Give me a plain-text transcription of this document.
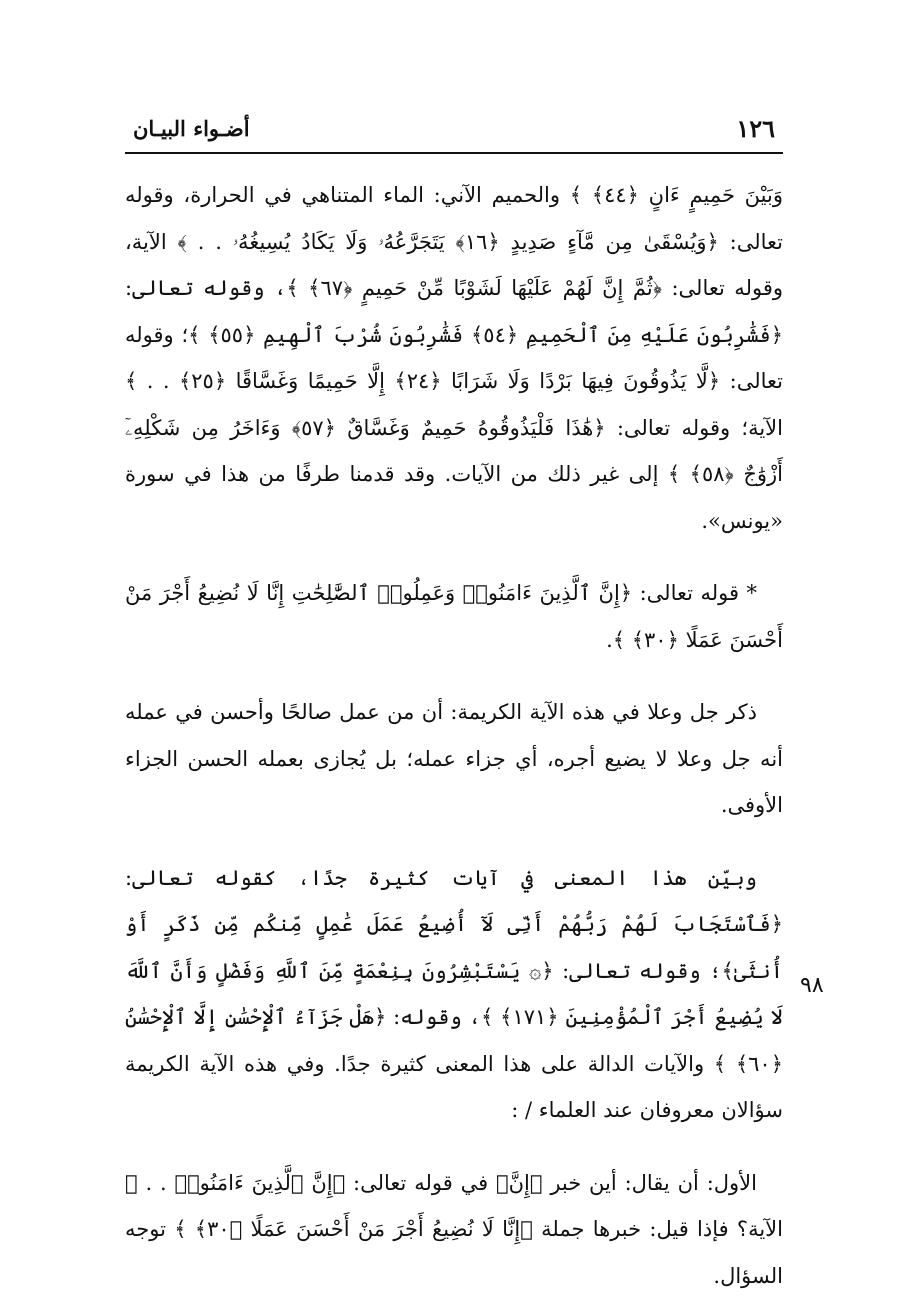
١٢٦
أضـواء البيـان

وَبَيْنَ حَمِيمٍ ءَانٍ ﴿٤٤﴾ ﴾ والحميم الآني: الماء المتناهي في الحرارة، وقوله تعالى: ﴿وَيُسْقَىٰ مِن مَّآءٍ صَدِيدٍ ﴿١٦﴾ يَتَجَرَّعُهُۥ وَلَا يَكَادُ يُسِيغُهُۥ . . ﴾ الآية، وقوله تعالى: ﴿ثُمَّ إِنَّ لَهُمْ عَلَيْهَا لَشَوْبًا مِّنْ حَمِيمٍ ﴿٦٧﴾ ﴾، وقوله تعالى: ﴿فَشَٰرِبُونَ عَلَيْهِ مِنَ ٱلْحَمِيمِ ﴿٥٤﴾ فَشَٰرِبُونَ شُرْبَ ٱلْهِيمِ ﴿٥٥﴾ ﴾؛ وقوله تعالى: ﴿لَّا يَذُوقُونَ فِيهَا بَرْدًا وَلَا شَرَابًا ﴿٢٤﴾ إِلَّا حَمِيمًا وَغَسَّاقًا ﴿٢٥﴾ . . ﴾ الآية؛ وقوله تعالى: ﴿هَٰذَا فَلْيَذُوقُوهُ حَمِيمٌ وَغَسَّاقٌ ﴿٥٧﴾ وَءَاخَرُ مِن شَكْلِهِۦٓ أَزْوَٰجٌ ﴿٥٨﴾ ﴾ إلى غير ذلك من الآيات. وقد قدمنا طرفًا من هذا في سورة «يونس».

* قوله تعالى: ﴿إِنَّ ٱلَّذِينَ ءَامَنُوا۟ وَعَمِلُوا۟ ٱلصَّٰلِحَٰتِ إِنَّا لَا نُضِيعُ أَجْرَ مَنْ أَحْسَنَ عَمَلًا ﴿٣٠﴾ ﴾.

ذكر جل وعلا في هذه الآية الكريمة: أن من عمل صالحًا وأحسن في عمله أنه جل وعلا لا يضيع أجره، أي جزاء عمله؛ بل يُجازى بعمله الحسن الجزاء الأوفى.

وبيّن هذا المعنى في آيات كثيرة جدًا، كقوله تعالى: ﴿فَٱسْتَجَابَ لَهُمْ رَبُّهُمْ أَنِّى لَآ أُضِيعُ عَمَلَ عَٰمِلٍ مِّنكُم مِّن ذَكَرٍ أَوْ أُنثَىٰ﴾؛ وقوله تعالى: ﴿۞ يَسْتَبْشِرُونَ بِنِعْمَةٍ مِّنَ ٱللَّهِ وَفَضْلٍ وَأَنَّ ٱللَّهَ لَا يُضِيعُ أَجْرَ ٱلْمُؤْمِنِينَ ﴿١٧١﴾ ﴾، وقوله: ﴿هَلْ جَزَآءُ ٱلْإِحْسَٰنِ إِلَّا ٱلْإِحْسَٰنُ ﴿٦٠﴾ ﴾ والآيات الدالة على هذا المعنى كثيرة جدًا. وفي هذه الآية الكريمة سؤالان معروفان عند العلماء / :

الأول: أن يقال: أين خبر ﴿إِنَّ﴾ في قوله تعالى: ﴿إِنَّ ٱلَّذِينَ ءَامَنُوا۟ . . ﴾ الآية؟ فإذا قيل: خبرها جملة ﴿إِنَّا لَا نُضِيعُ أَجْرَ مَنْ أَحْسَنَ عَمَلًا ﴿٣٠﴾ ﴾ توجه السؤال.

٩٨
